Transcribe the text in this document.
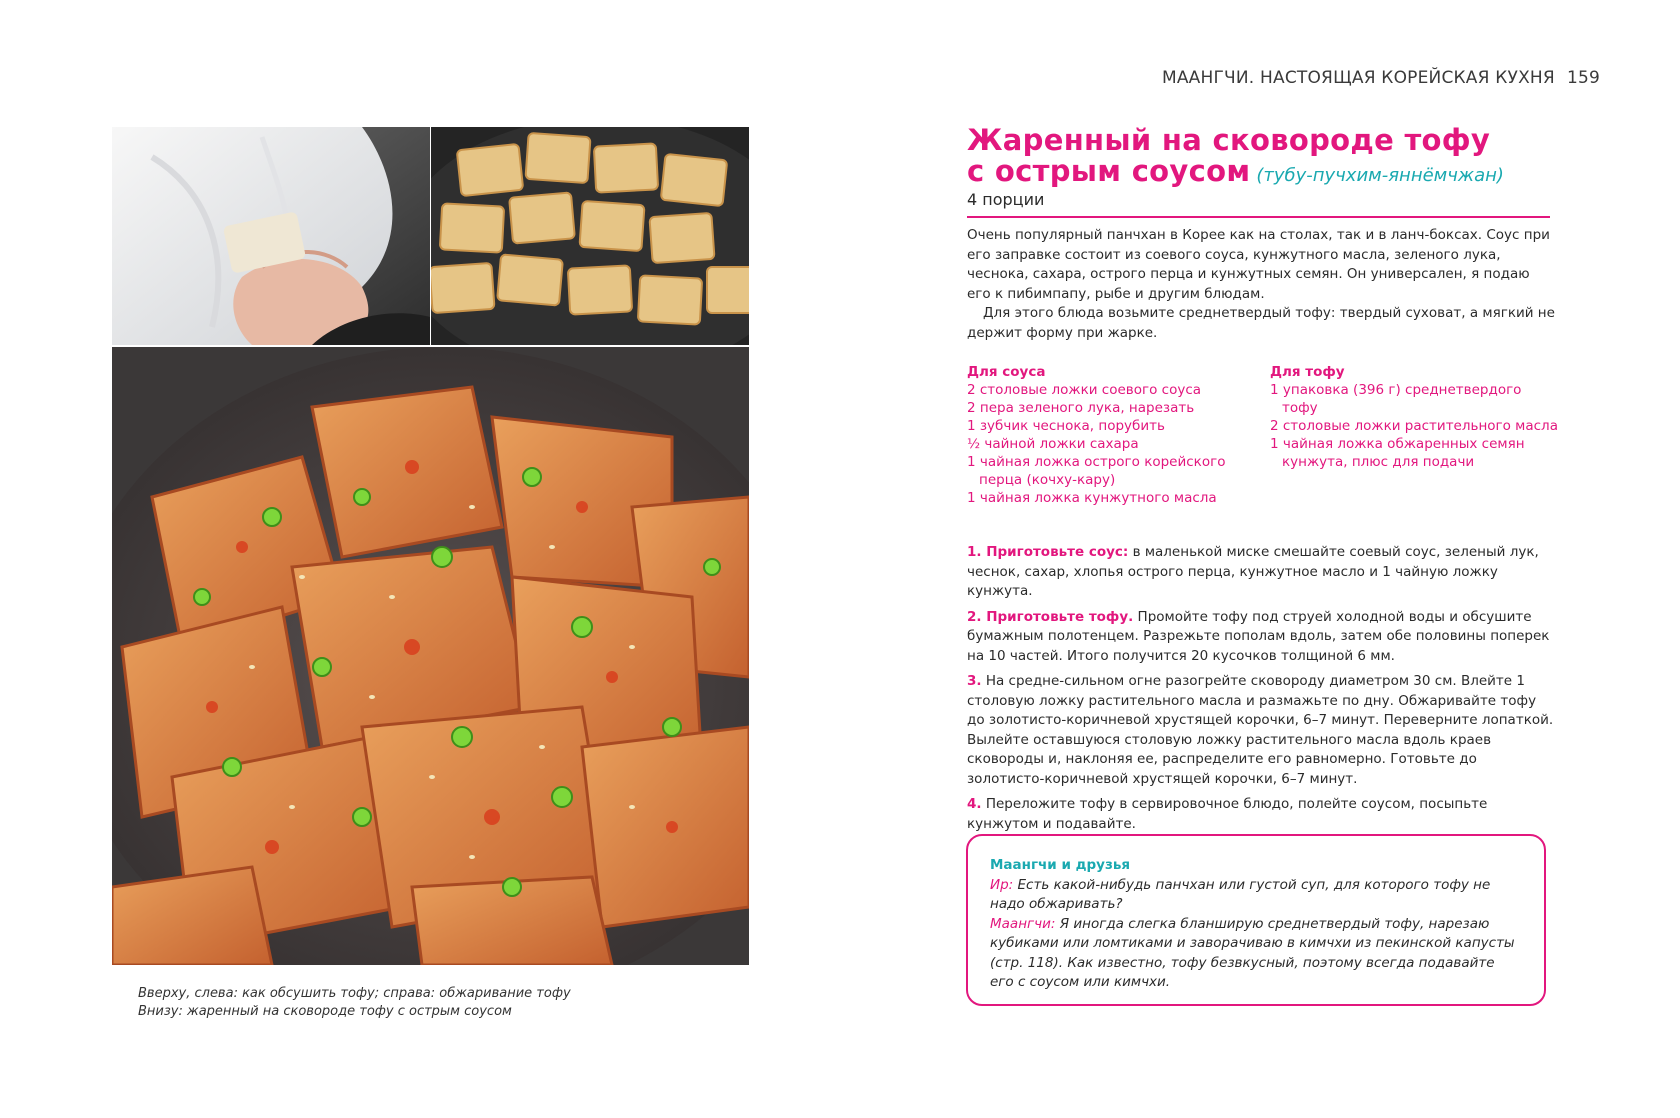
МААНГЧИ. НАСТОЯЩАЯ КОРЕЙСКАЯ КУХНЯ 159
Вверху, слева: как обсушить тофу; справа: обжаривание тофу
Внизу: жаренный на сковороде тофу с острым соусом
Жаренный на сковороде тофу
с острым соусом (тубу-пучхим-яннёмчжан)
4 порции

Очень популярный панчхан в Корее как на столах, так и в ланч-боксах. Соус при его заправке состоит из соевого соуса, кунжутного масла, зеленого лука, чеснока, сахара, острого перца и кунжутных семян. Он универсален, я подаю его к пибимпапу, рыбе и другим блюдам.

Для этого блюда возьмите среднетвердый тофу: твердый суховат, а мягкий не держит форму при жарке.

Для соуса
2 столовые ложки соевого соуса
2 пера зеленого лука, нарезать
1 зубчик чеснока, порубить
½ чайной ложки сахара
1 чайная ложка острого корейского перца (кочху-кару)
1 чайная ложка кунжутного масла
Для тофу
1 упаковка (396 г) среднетвердого тофу
2 столовые ложки растительного масла
1 чайная ложка обжаренных семян кунжута, плюс для подачи
1. Приготовьте соус: в маленькой миске смешайте соевый соус, зеленый лук, чеснок, сахар, хлопья острого перца, кунжутное масло и 1 чайную ложку кунжута.
2. Приготовьте тофу. Промойте тофу под струей холодной воды и обсушите бумажным полотенцем. Разрежьте пополам вдоль, затем обе половины поперек на 10 частей. Итого получится 20 кусочков толщиной 6 мм.
3. На средне-сильном огне разогрейте сковороду диаметром 30 см. Влейте 1 столовую ложку растительного масла и размажьте по дну. Обжаривайте тофу до золотисто-коричневой хрустящей корочки, 6–7 минут. Переверните лопаткой. Вылейте оставшуюся столовую ложку растительного масла вдоль краев сковороды и, наклоняя ее, распределите его равномерно. Готовьте до золотисто-коричневой хрустящей корочки, 6–7 минут.
4. Переложите тофу в сервировочное блюдо, полейте соусом, посыпьте кунжутом и подавайте.
Маангчи и друзья
Ир: Есть какой-нибудь панчхан или густой суп, для которого тофу не надо обжаривать?
Маангчи: Я иногда слегка бланширую среднетвердый тофу, нарезаю кубиками или ломтиками и заворачиваю в кимчхи из пекинской капусты (стр. 118). Как известно, тофу безвкусный, поэтому всегда подавайте его с соусом или кимчхи.
